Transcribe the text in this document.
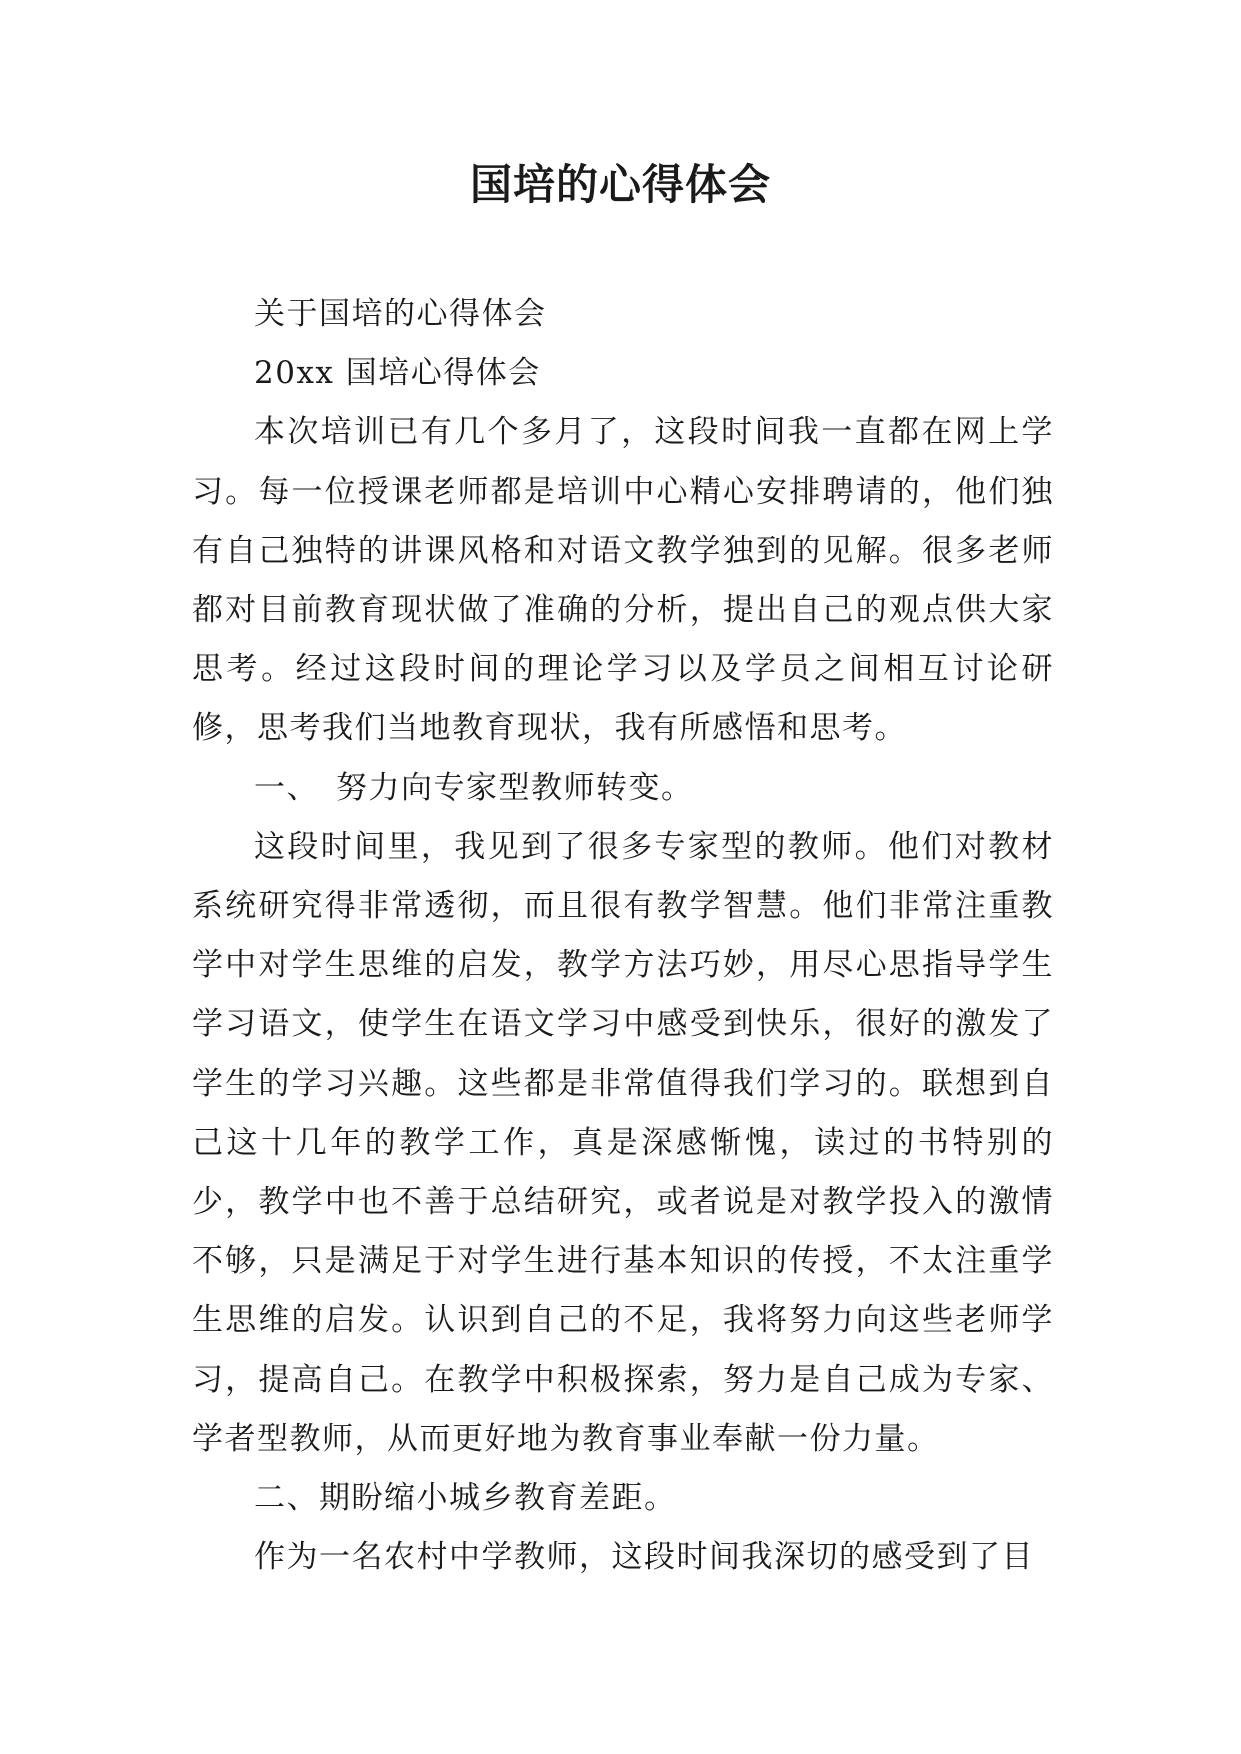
国培的心得体会

关于国培的心得体会

20xx 国培心得体会

本次培训已有几个多月了，这段时间我一直都在网上学习。每一位授课老师都是培训中心精心安排聘请的，他们独有自己独特的讲课风格和对语文教学独到的见解。很多老师都对目前教育现状做了准确的分析，提出自己的观点供大家思考。经过这段时间的理论学习以及学员之间相互讨论研修，思考我们当地教育现状，我有所感悟和思考。

一、　努力向专家型教师转变。

这段时间里，我见到了很多专家型的教师。他们对教材系统研究得非常透彻，而且很有教学智慧。他们非常注重教学中对学生思维的启发，教学方法巧妙，用尽心思指导学生学习语文，使学生在语文学习中感受到快乐，很好的激发了学生的学习兴趣。这些都是非常值得我们学习的。联想到自己这十几年的教学工作，真是深感惭愧，读过的书特别的少，教学中也不善于总结研究，或者说是对教学投入的激情不够，只是满足于对学生进行基本知识的传授，不太注重学生思维的启发。认识到自己的不足，我将努力向这些老师学习，提高自己。在教学中积极探索，努力是自己成为专家、学者型教师，从而更好地为教育事业奉献一份力量。

二、期盼缩小城乡教育差距。

作为一名农村中学教师，这段时间我深切的感受到了目
